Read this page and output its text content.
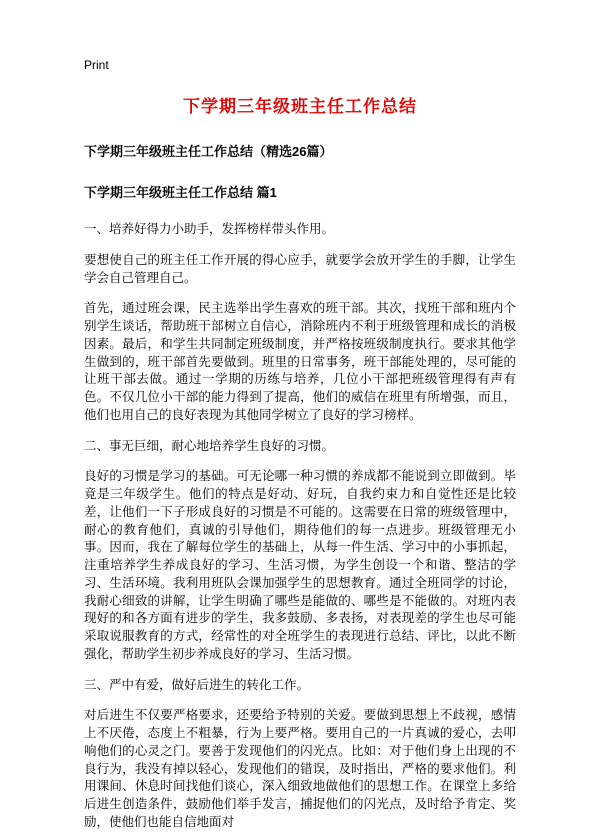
Print
下学期三年级班主任工作总结
下学期三年级班主任工作总结（精选26篇）
下学期三年级班主任工作总结 篇1

一、培养好得力小助手，发挥榜样带头作用。

要想使自己的班主任工作开展的得心应手，就要学会放开学生的手脚，让学生学会自己管理自己。

首先，通过班会课，民主选举出学生喜欢的班干部。其次，找班干部和班内个别学生谈话，帮助班干部树立自信心，消除班内不利于班级管理和成长的消极因素。最后，和学生共同制定班级制度，并严格按班级制度执行。要求其他学生做到的，班干部首先要做到。班里的日常事务，班干部能处理的，尽可能的让班干部去做。通过一学期的历练与培养，几位小干部把班级管理得有声有色。不仅几位小干部的能力得到了提高，他们的威信在班里有所增强，而且，他们也用自己的良好表现为其他同学树立了良好的学习榜样。

二、事无巨细，耐心地培养学生良好的习惯。

良好的习惯是学习的基础。可无论哪一种习惯的养成都不能说到立即做到。毕竟是三年级学生。他们的特点是好动、好玩，自我约束力和自觉性还是比较差，让他们一下子形成良好的习惯是不可能的。这需要在日常的班级管理中，耐心的教育他们，真诚的引导他们，期待他们的每一点进步。班级管理无小事。因而，我在了解每位学生的基础上，从每一件生活、学习中的小事抓起，注重培养学生养成良好的学习、生活习惯，为学生创设一个和谐、整洁的学习、生活环境。我利用班队会课加强学生的思想教育。通过全班同学的讨论，我耐心细致的讲解，让学生明确了哪些是能做的、哪些是不能做的。对班内表现好的和各方面有进步的学生，我多鼓励、多表扬，对表现差的学生也尽可能采取说服教育的方式，经常性的对全班学生的表现进行总结、评比，以此不断强化，帮助学生初步养成良好的学习、生活习惯。

三、严中有爱，做好后进生的转化工作。

对后进生不仅要严格要求，还要给予特别的关爱。要做到思想上不歧视，感情上不厌倦，态度上不粗暴，行为上要严格。要用自己的一片真诚的爱心，去叩响他们的心灵之门。要善于发现他们的闪光点。比如：对于他们身上出现的不良行为，我没有掉以轻心，发现他们的错误，及时指出，严格的要求他们。利用课间、休息时间找他们谈心，深入细致地做他们的思想工作。在课堂上多给后进生创造条件，鼓励他们举手发言，捕捉他们的闪光点，及时给予肯定、奖励，使他们也能自信地面对
